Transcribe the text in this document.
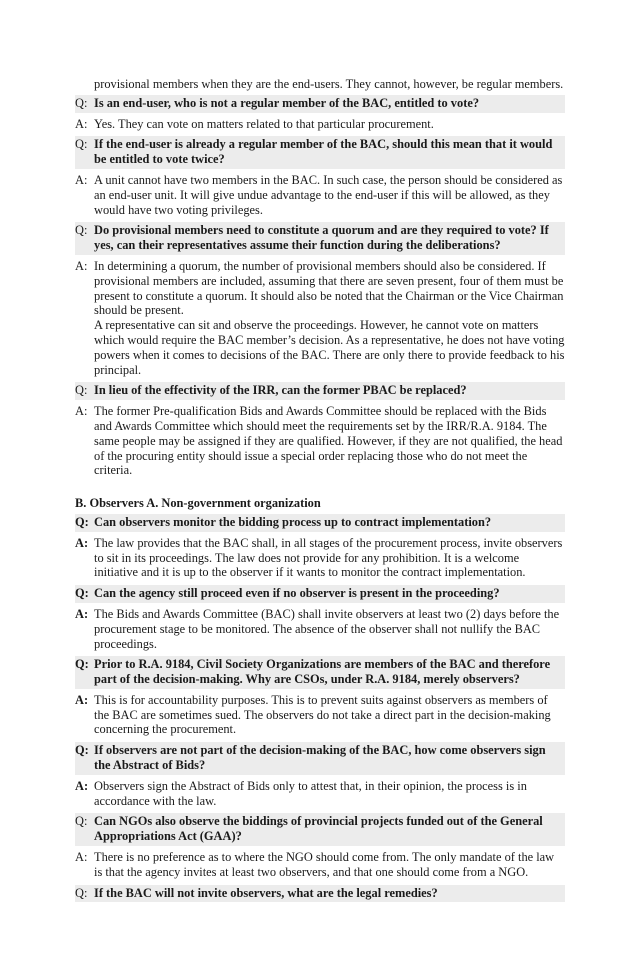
provisional members when they are the end-users. They cannot, however, be regular members.

Q: Is an end-user, who is not a regular member of the BAC, entitled to vote?

A: Yes. They can vote on matters related to that particular procurement.

Q: If the end-user is already a regular member of the BAC, should this mean that it would be entitled to vote twice?

A: A unit cannot have two members in the BAC. In such case, the person should be considered as an end-user unit. It will give undue advantage to the end-user if this will be allowed, as they would have two voting privileges.

Q: Do provisional members need to constitute a quorum and are they required to vote? If yes, can their representatives assume their function during the deliberations?

A: In determining a quorum, the number of provisional members should also be considered. If provisional members are included, assuming that there are seven present, four of them must be present to constitute a quorum. It should also be noted that the Chairman or the Vice Chairman should be present.

A representative can sit and observe the proceedings. However, he cannot vote on matters which would require the BAC member’s decision. As a representative, he does not have voting powers when it comes to decisions of the BAC. There are only there to provide feedback to his principal.

Q: In lieu of the effectivity of the IRR, can the former PBAC be replaced?

A: The former Pre-qualification Bids and Awards Committee should be replaced with the Bids and Awards Committee which should meet the requirements set by the IRR/R.A. 9184. The same people may be assigned if they are qualified. However, if they are not qualified, the head of the procuring entity should issue a special order replacing those who do not meet the criteria.

B. Observers A. Non-government organization
Q: Can observers monitor the bidding process up to contract implementation?

A: The law provides that the BAC shall, in all stages of the procurement process, invite observers to sit in its proceedings. The law does not provide for any prohibition. It is a welcome initiative and it is up to the observer if it wants to monitor the contract implementation.

Q: Can the agency still proceed even if no observer is present in the proceeding?

A: The Bids and Awards Committee (BAC) shall invite observers at least two (2) days before the procurement stage to be monitored. The absence of the observer shall not nullify the BAC proceedings.

Q: Prior to R.A. 9184, Civil Society Organizations are members of the BAC and therefore part of the decision-making. Why are CSOs, under R.A. 9184, merely observers?

A: This is for accountability purposes. This is to prevent suits against observers as members of the BAC are sometimes sued. The observers do not take a direct part in the decision-making concerning the procurement.

Q: If observers are not part of the decision-making of the BAC, how come observers sign the Abstract of Bids?

A: Observers sign the Abstract of Bids only to attest that, in their opinion, the process is in accordance with the law.

Q: Can NGOs also observe the biddings of provincial projects funded out of the General Appropriations Act (GAA)?

A: There is no preference as to where the NGO should come from. The only mandate of the law is that the agency invites at least two observers, and that one should come from a NGO.

Q: If the BAC will not invite observers, what are the legal remedies?
